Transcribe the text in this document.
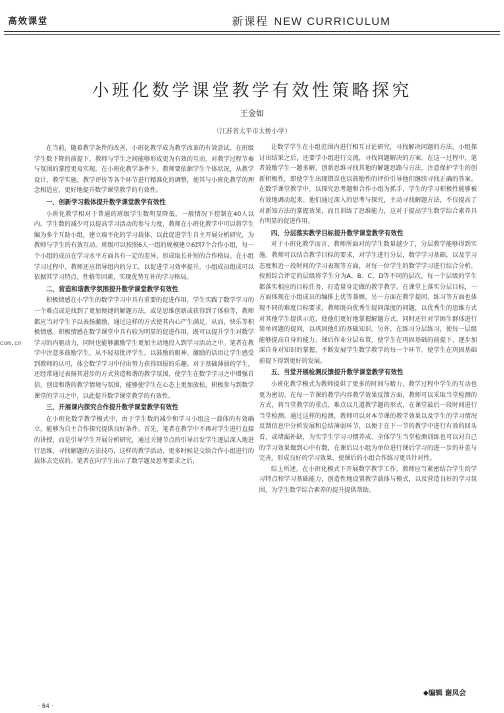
高效课堂	新课程 NEW CURRICULUM
小班化数学课堂教学有效性策略探究
王金如
（江苏省太平市太桥小学）

在当前，随着教学条件的改善，小班化教学成为教学改革的有效尝试。在班级学生数下降的前提下，教师与学生之间能够形成更为有效的互动，对教学过程节奏与氛围的掌控更易实现。在小班化教学条件下，教师要依据学生个体状况，从教学设计、教学实施、教学评价等各个环节进行精准化的调整，使其与小班化教学的理念相适应，更好地提升数学课堂教学的有效性。

一、创新学习载体提升数学课堂教学有效性

小班化教学相对于普通的班级学生数明显降低，一般情况下控制在40人以内。学生数的减少可以提高学习活动的参与力度，教师在小班化教学中可以将学生编为多个互助小组，建立扁平化的学习载体，以此促进学生自主开展分析研究，为教师与学生的有效互动。班级可以按照6人一组的规模建立6到7个合作小组，每一个小组的成员在学习水平方面具有一定的差异，形成取长补短的合作格局。在小组学习过程中，教师还应指导组内的分工，以促进学习效率提升，小组成员组成可以依据其学习特点、性格等因素，实现优势互补的学习格局。

二、营造和谐教学氛围提升数学课堂教学有效性

积极情感在小学生的数学学习中具有重要的促进作用，学生实践了数学学习的一个难点或是找到了更加便捷的解题方法，或是思维创新或获得到了体验等，教师都应当对学生予以表扬激励，通过这样的方式使其内心产生满足，从而，快乐等积极情感。积极情感在数学课堂中具有较为明显的促进作用，既可以提升学生对数学学习的内驱动力，同时也能够激励学生更加主动地投入到学习活动之中。笔者在教学中注意多鼓励学生，从不轻易批评学生，以鼓励的眼神、激励的话语让学生感受到教师的认可，体会数学学习中付出努力获得回报的乐趣。对于基础薄弱的学生，还经常通过表扬其进步的方式营造和谐的教学氛围，使学生在数学学习之中增强自信，创设和谐的教学情境与氛围，能够使学生在心态上更加放松，积极参与到数学课堂的学习之中，以此提升数学课堂教学的有效性。

三、开展课内探究合作提升数学课堂教学有效性

在小班化数学教学模式中，由于学生数的减少和学习小组这一载体的有效确立，能够为自主合作探究提供良好条件。首先，笔者在教学中不再对学生进行直接的讲授，而是引导学生开展分析研究，通过关键节点的引导启发学生逐层深入地进行思维，寻找解题的方法技巧，这样的教学活动，更多时候是交给合作小组进行的载体去完成的。笔者在向学生出示了数学题及思考要求之后，

让数学学生在小组范围内进行相互讨论研究，寻找解决问题的方法。小组探讨出结果之后，还要学小组进行交流，寻找问题解决的方案。在这一过程中，笔者鼓励学生一题多解，创新思维寻找其他的解题思路与方法，注意保护学生的创新积极性，即使学生出现错误也以鼓励性的评价引导他们继续寻找正确的答案。在数学课堂教学中，以探究思考题和合作小组为抓手，学生的学习积极性能够被有效地调动起来。他们通过深入的思考与探究，主动寻找解题方法，不仅提高了对新知方法的掌握效果，而且训练了思维能力，这对于提高学生数学综合素养具有明显的促进作用。

四、分层落实教学目标提升数学课堂教学有效性

对于小班化教学而言，教师所面对的学生数量越少了，分层教学能够得到实施。教师可以结合教学目标的要求，对学生进行分层，数学学习基础，以及学习态度和近一段时间的学习表现等方面，对每一位学生的数学学习进行综合分析，按照综合评定的层级将学生分为A、B、C、D等不同的层次，每一个层级的学生都落实相应的目标任务，打造量身定做的教学教学。在课堂上落实分层目标，一方面体现在小组成员的编排上优等兼顾，另一方面在教学提问、练习等方面也体现不同的难度目标要求，教师既向优秀生提问深度的问题，以优秀生的思维方式对其他学生提供示范，使他们更好地掌握解题方式，同时还针对学困生群体进行简单问题的提问，以巩固他们的基础知识。另外，在练习分层练习，使每一层级能够提高自身的能力。课后作业分层布置，使学生在巩固基础的前提下，逐步加深自身对知识的掌握，不断发展学生数学教学的每一个环节，使学生在巩固基础前提下得到更好的发展。

五、当堂开展检测反馈提升数学课堂教学有效性

小班化教学模式为教师提供了更多的时间与精力，教学过程中学生的互动也更为密切。在每一节课的教学内容教学效果反馈方面，教师可以采取当堂检测的方式，将当堂教学的重点、难点以几道教学题的形式，在课堂最后一段时间进行当堂检测。通过这样的检测，教师可以对本节课的教学效果以及学生的学习情况反馈信息中分析发展和总结薄弱环节，以便于在下一节的教学中进行有效的回头看，或堵漏补缺，为实学生学习习惯养成、全体学生当堂检测训练也可以对自己的学习效果做到心中有数，在课后以小组为单位进行课后学习的进一步的补差与完善，形成良好的学习效果，使课后的小组合作练习更具针对性。

综上所述，在小班化模式下开展数学教学工作，教师应当紧密结合学生的学习特点和学习基础能力，创造性地设置教学载体与模式，以及营造良好的学习氛围，为学生数学综合素养的提升提供帮助。

com.cn
◆编辑 谢凤会
· 84 ·
